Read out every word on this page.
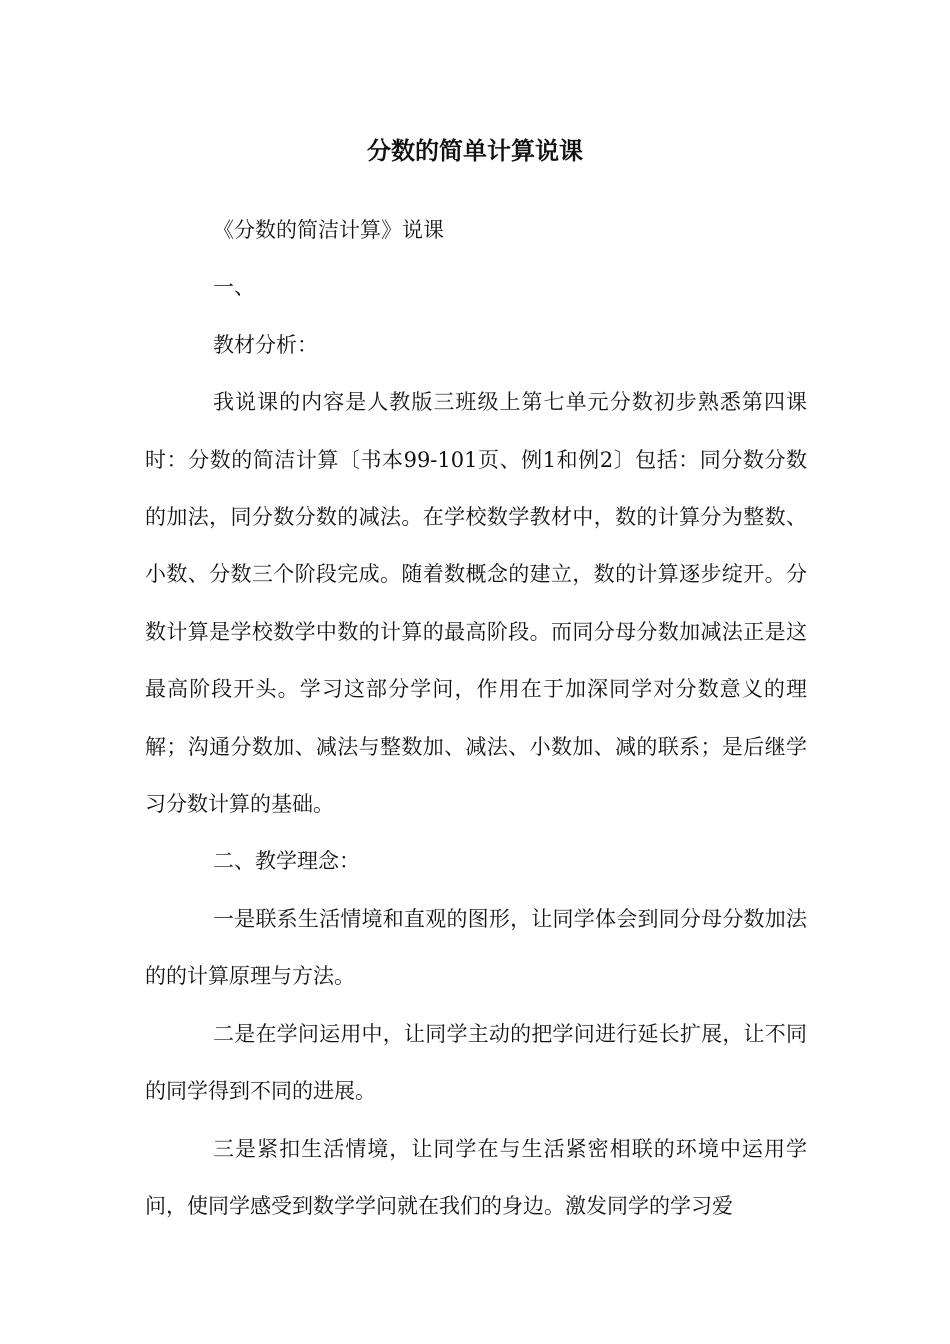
分数的简单计算说课

《分数的简洁计算》说课

一、

教材分析：

我说课的内容是人教版三班级上第七单元分数初步熟悉第四课时：分数的简洁计算〔书本99-101页、例1和例2〕包括：同分数分数的加法，同分数分数的减法。在学校数学教材中，数的计算分为整数、小数、分数三个阶段完成。随着数概念的建立，数的计算逐步绽开。分数计算是学校数学中数的计算的最高阶段。而同分母分数加减法正是这最高阶段开头。学习这部分学问，作用在于加深同学对分数意义的理解；沟通分数加、减法与整数加、减法、小数加、减的联系；是后继学习分数计算的基础。

二、教学理念：

一是联系生活情境和直观的图形，让同学体会到同分母分数加法的的计算原理与方法。

二是在学问运用中，让同学主动的把学问进行延长扩展，让不同的同学得到不同的进展。

三是紧扣生活情境，让同学在与生活紧密相联的环境中运用学问，使同学感受到数学学问就在我们的身边。激发同学的学习爱
